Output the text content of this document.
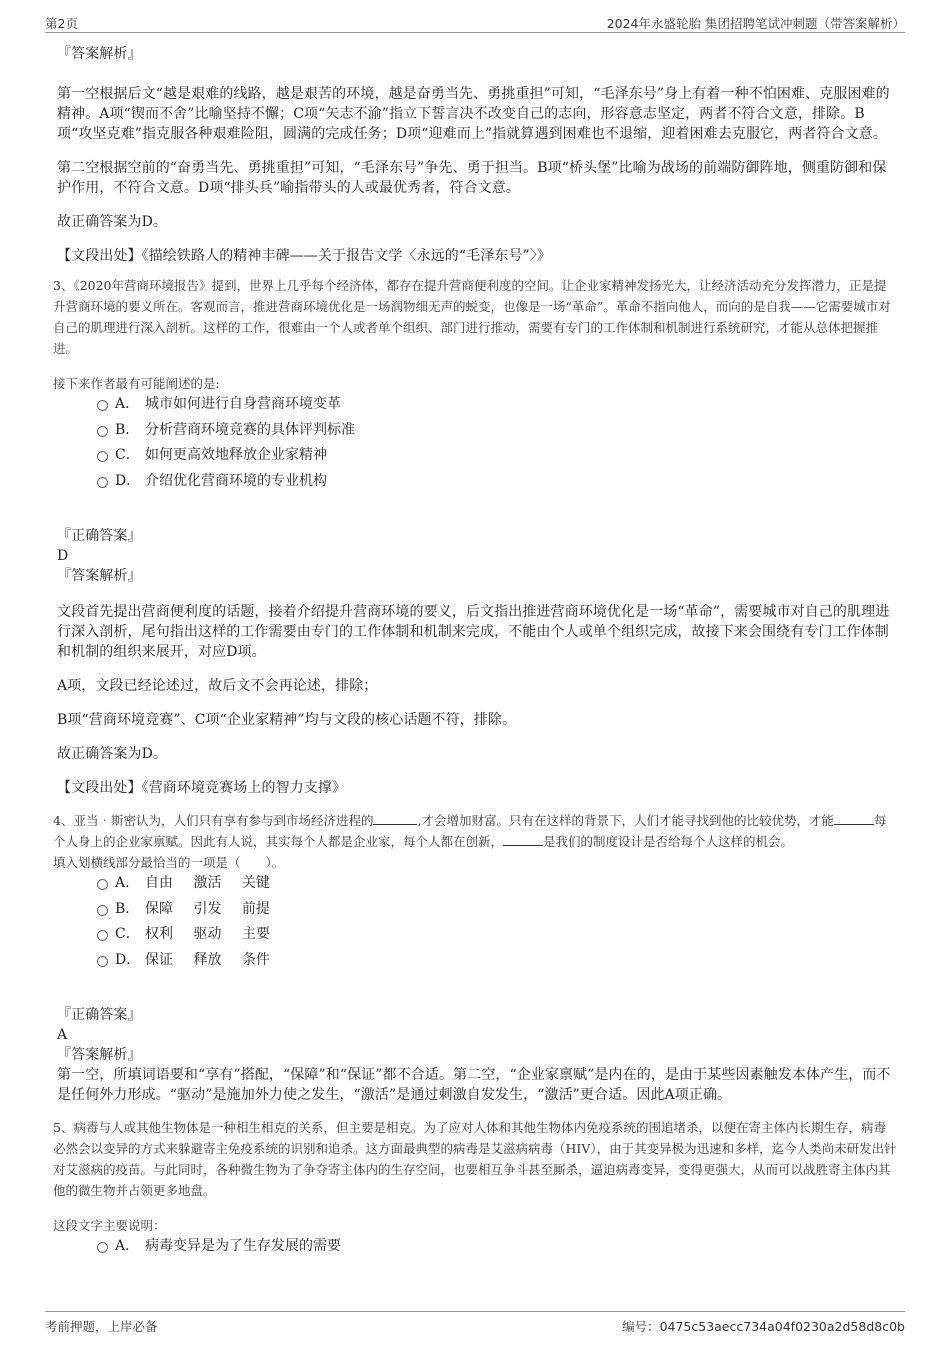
第2页	2024年永盛轮胎 集团招聘笔试冲刺题（带答案解析）

『答案解析』

第一空根据后文“越是艰难的线路，越是艰苦的环境，越是奋勇当先、勇挑重担”可知，“毛泽东号”身上有着一种不怕困难、克服困难的精神。A项“锲而不舍”比喻坚持不懈；C项“矢志不渝”指立下誓言决不改变自己的志向，形容意志坚定，两者不符合文意，排除。B项“攻坚克难”指克服各种艰难险阻，圆满的完成任务；D项“迎难而上”指就算遇到困难也不退缩，迎着困难去克服它，两者符合文意。

第二空根据空前的“奋勇当先、勇挑重担”可知，“毛泽东号”争先、勇于担当。B项“桥头堡”比喻为战场的前端防御阵地，侧重防御和保护作用，不符合文意。D项“排头兵”喻指带头的人或最优秀者，符合文意。

故正确答案为D。

【文段出处】《描绘铁路人的精神丰碑——关于报告文学〈永远的“毛泽东号”〉》

3、《2020年营商环境报告》提到，世界上几乎每个经济体，都存在提升营商便利度的空间。让企业家精神发扬光大，让经济活动充分发挥潜力，正是提升营商环境的要义所在。客观而言，推进营商环境优化是一场润物细无声的蜕变，也像是一场“革命”。革命不指向他人，而向的是自我——它需要城市对自己的肌理进行深入剖析。这样的工作，很难由一个人或者单个组织、部门进行推动，需要有专门的工作体制和机制进行系统研究，才能从总体把握推进。

接下来作者最有可能阐述的是:

A． 城市如何进行自身营商环境变革
B． 分析营商环境竞赛的具体评判标准
C． 如何更高效地释放企业家精神
D． 介绍优化营商环境的专业机构

『正确答案』

D

『答案解析』

文段首先提出营商便利度的话题，接着介绍提升营商环境的要义，后文指出推进营商环境优化是一场“革命”，需要城市对自己的肌理进行深入剖析，尾句指出这样的工作需要由专门的工作体制和机制来完成，不能由个人或单个组织完成，故接下来会围绕有专门工作体制和机制的组织来展开，对应D项。

A项，文段已经论述过，故后文不会再论述，排除；

B项“营商环境竞赛”、C项“企业家精神”均与文段的核心话题不符，排除。

故正确答案为D。

【文段出处】《营商环境竞赛场上的智力支撑》

4、亚当‧斯密认为，人们只有享有参与到市场经济进程的	,才会增加财富。只有在这样的背景下，人们才能寻找到他的比较优势，才能	每个人身上的企业家禀赋。因此有人说，其实每个人都是企业家，每个人都在创新，	是我们的制度设计是否给每个人这样的机会。

填入划横线部分最恰当的一项是（　　）。

A． 自由 激活 关键
B． 保障 引发 前提
C． 权利 驱动 主要
D． 保证 释放 条件

『正确答案』

A

『答案解析』

第一空，所填词语要和“享有”搭配，“保障”和“保证”都不合适。第二空，“企业家禀赋”是内在的，是由于某些因素触发本体产生，而不是任何外力形成。“驱动”是施加外力使之发生，“激活”是通过刺激自发发生，“激活”更合适。因此A项正确。

5、病毒与人或其他生物体是一种相生相克的关系，但主要是相克。为了应对人体和其他生物体内免疫系统的围追堵杀，以便在寄主体内长期生存，病毒必然会以变异的方式来躲避寄主免疫系统的识别和追杀。这方面最典型的病毒是艾滋病病毒（HIV），由于其变异极为迅速和多样，迄今人类尚未研发出针对艾滋病的疫苗。与此同时，各种微生物为了争夺寄主体内的生存空间，也要相互争斗甚至厮杀，逼迫病毒变异，变得更强大，从而可以战胜寄主体内其他的微生物并占领更多地盘。

这段文字主要说明：

A． 病毒变异是为了生存发展的需要
考前押题，上岸必备	编号：0475c53aecc734a04f0230a2d58d8c0b
